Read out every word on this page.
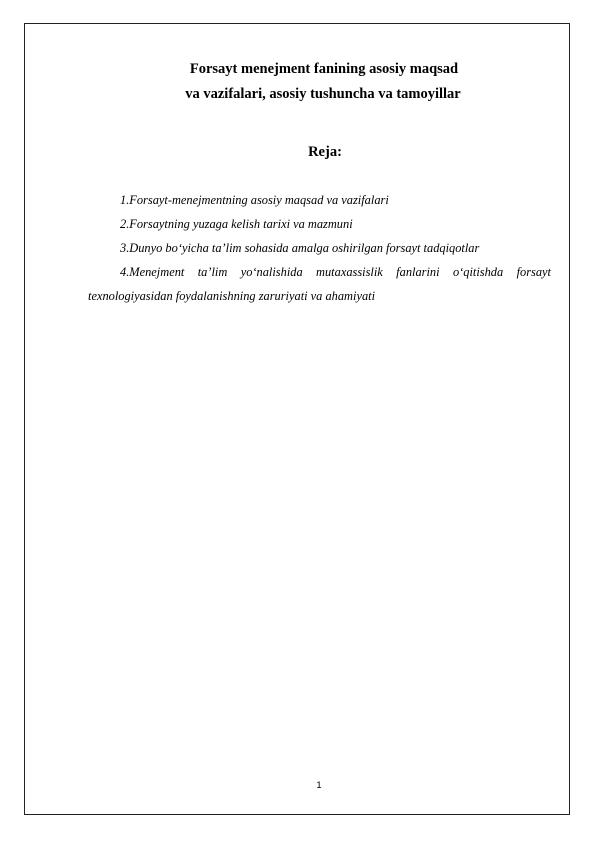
Forsayt menejment fanining asosiy maqsad
va vazifalari, asosiy tushuncha va tamoyillar
Reja:
1.Forsayt-menejmentning asosiy maqsad va vazifalari
2.Forsaytning yuzaga kelish tarixi va mazmuni
3.Dunyo bo‘yicha ta’lim sohasida amalga oshirilgan forsayt tadqiqotlar
4.Menejment ta’lim yo‘nalishida mutaxassislik fanlarini o‘qitishda forsayt texnologiyasidan foydalanishning zaruriyati va ahamiyati
1
